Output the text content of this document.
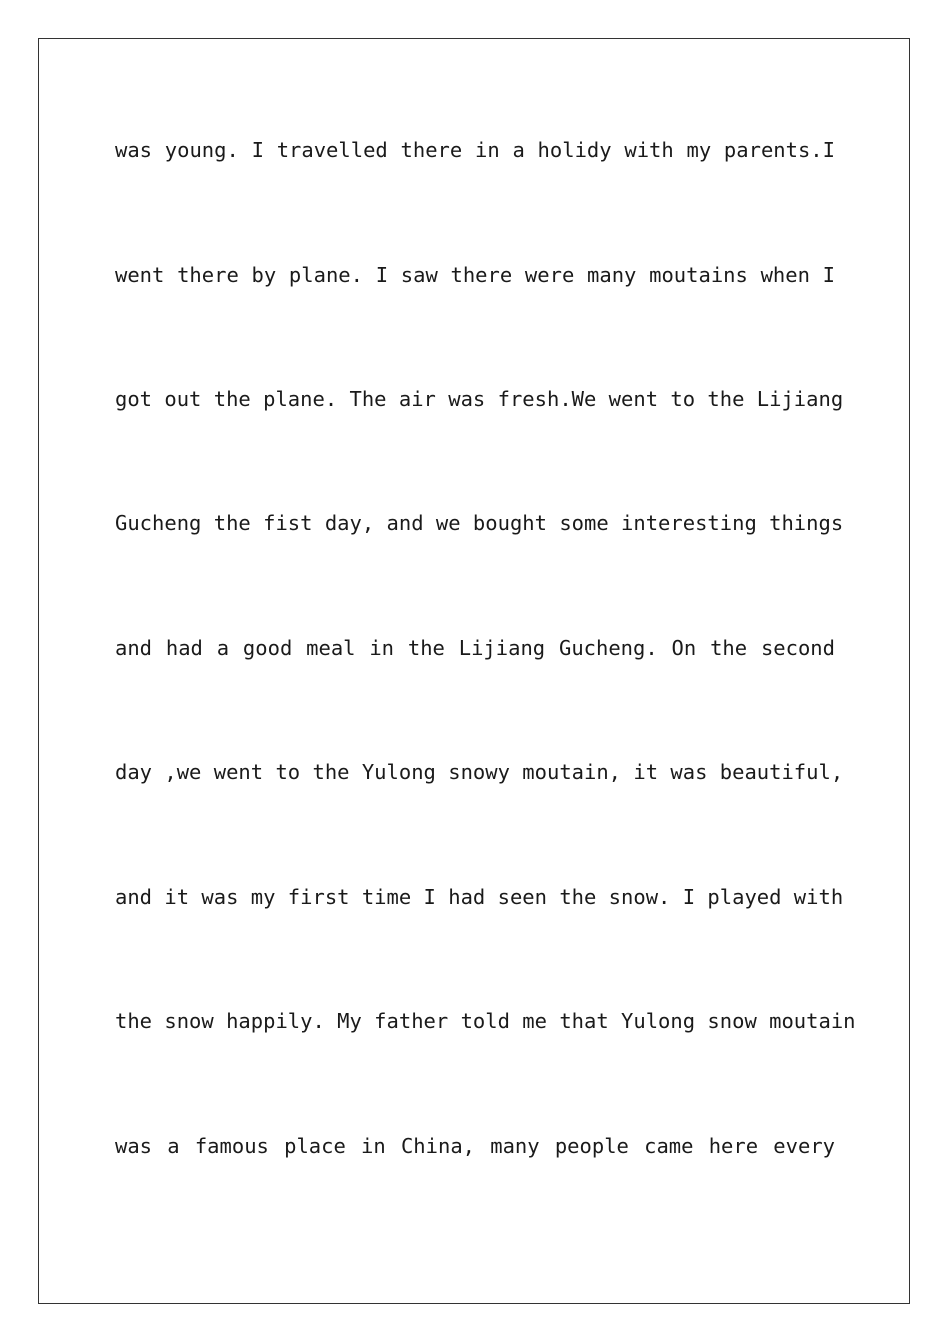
was young. I travelled there in a holidy with my parents.I
went there by plane. I saw there were many moutains when I
got out the plane. The air was fresh.We went to the Lijiang
Gucheng the fist day, and we bought some interesting things
and had a good meal in the Lijiang Gucheng. On the second
day ,we went to the Yulong snowy moutain, it was beautiful,
and it was my first time I had seen the snow. I played with
the snow happily. My father told me that Yulong snow moutain
was a famous place in China, many people came here every
